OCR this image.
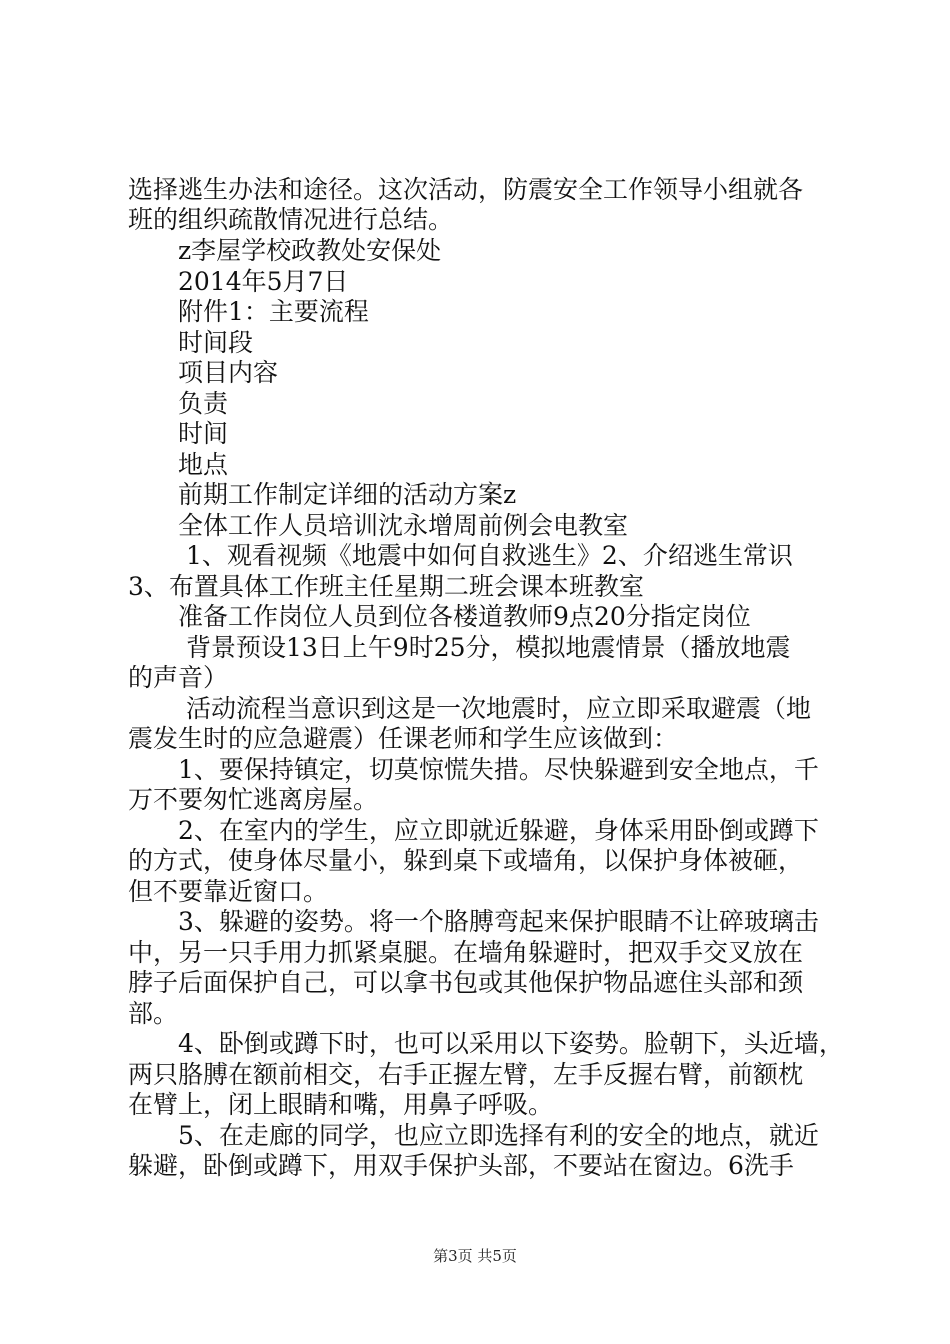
选择逃生办法和途径。这次活动，防震安全工作领导小组就各
班的组织疏散情况进行总结。
z李屋学校政教处安保处
2014年5月7日
附件1：主要流程
时间段
项目内容
负责
时间
地点
前期工作制定详细的活动方案z
全体工作人员培训沈永增周前例会电教室
1、观看视频《地震中如何自救逃生》2、介绍逃生常识
3、布置具体工作班主任星期二班会课本班教室
准备工作岗位人员到位各楼道教师9点20分指定岗位
背景预设13日上午9时25分，模拟地震情景（播放地震
的声音）
活动流程当意识到这是一次地震时，应立即采取避震（地
震发生时的应急避震）任课老师和学生应该做到：
1、要保持镇定，切莫惊慌失措。尽快躲避到安全地点，千
万不要匆忙逃离房屋。
2、在室内的学生，应立即就近躲避，身体采用卧倒或蹲下
的方式，使身体尽量小，躲到桌下或墙角，以保护身体被砸，
但不要靠近窗口。
3、躲避的姿势。将一个胳膊弯起来保护眼睛不让碎玻璃击
中，另一只手用力抓紧桌腿。在墙角躲避时，把双手交叉放在
脖子后面保护自己，可以拿书包或其他保护物品遮住头部和颈
部。
4、卧倒或蹲下时，也可以采用以下姿势。脸朝下，头近墙，
两只胳膊在额前相交，右手正握左臂，左手反握右臂，前额枕
在臂上，闭上眼睛和嘴，用鼻子呼吸。
5、在走廊的同学，也应立即选择有利的安全的地点，就近
躲避，卧倒或蹲下，用双手保护头部，不要站在窗边。6洗手
第3页 共5页
